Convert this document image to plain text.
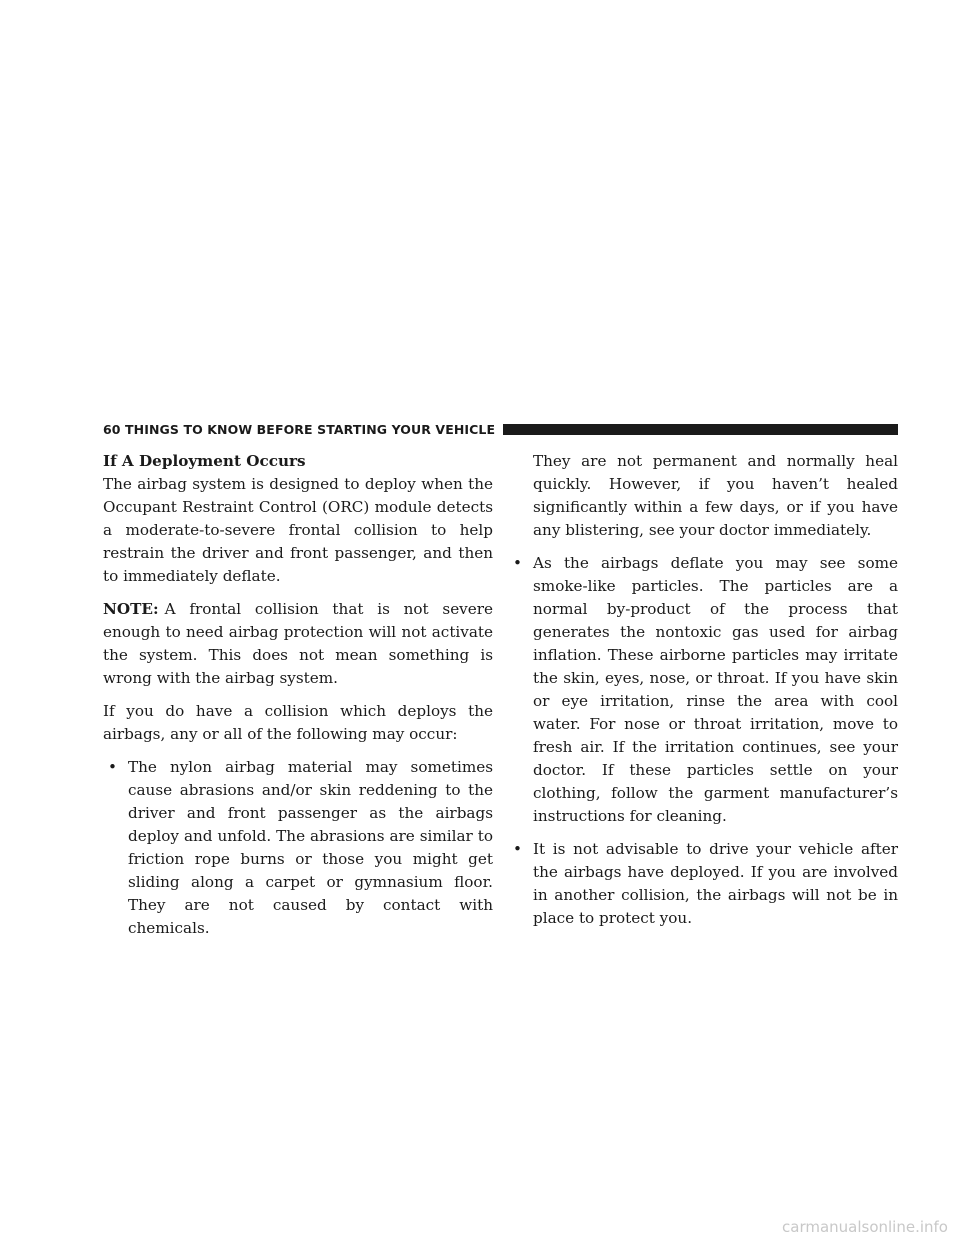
60 THINGS TO KNOW BEFORE STARTING YOUR VEHICLE

If A Deployment Occurs

The airbag system is designed to deploy when the Occupant Restraint Control (ORC) module detects a moderate-to-severe frontal collision to help restrain the driver and front passenger, and then to immediately deflate.

NOTE: A frontal collision that is not severe enough to need airbag protection will not activate the system. This does not mean something is wrong with the airbag system.

If you do have a collision which deploys the airbags, any or all of the following may occur:

• The nylon airbag material may sometimes cause abrasions and/or skin reddening to the driver and front passenger as the airbags deploy and unfold. The abrasions are similar to friction rope burns or those you might get sliding along a carpet or gymnasium floor. They are not caused by contact with chemicals.
They are not permanent and normally heal quickly. However, if you haven’t healed significantly within a few days, or if you have any blistering, see your doctor immediately.
• As the airbags deflate you may see some smoke-like particles. The particles are a normal by-product of the process that generates the nontoxic gas used for airbag inflation. These airborne particles may irritate the skin, eyes, nose, or throat. If you have skin or eye irritation, rinse the area with cool water. For nose or throat irritation, move to fresh air. If the irritation continues, see your doctor. If these particles settle on your clothing, follow the garment manufacturer’s instructions for cleaning.
• It is not advisable to drive your vehicle after the airbags have deployed. If you are involved in another collision, the airbags will not be in place to protect you.
carmanualsonline.info
